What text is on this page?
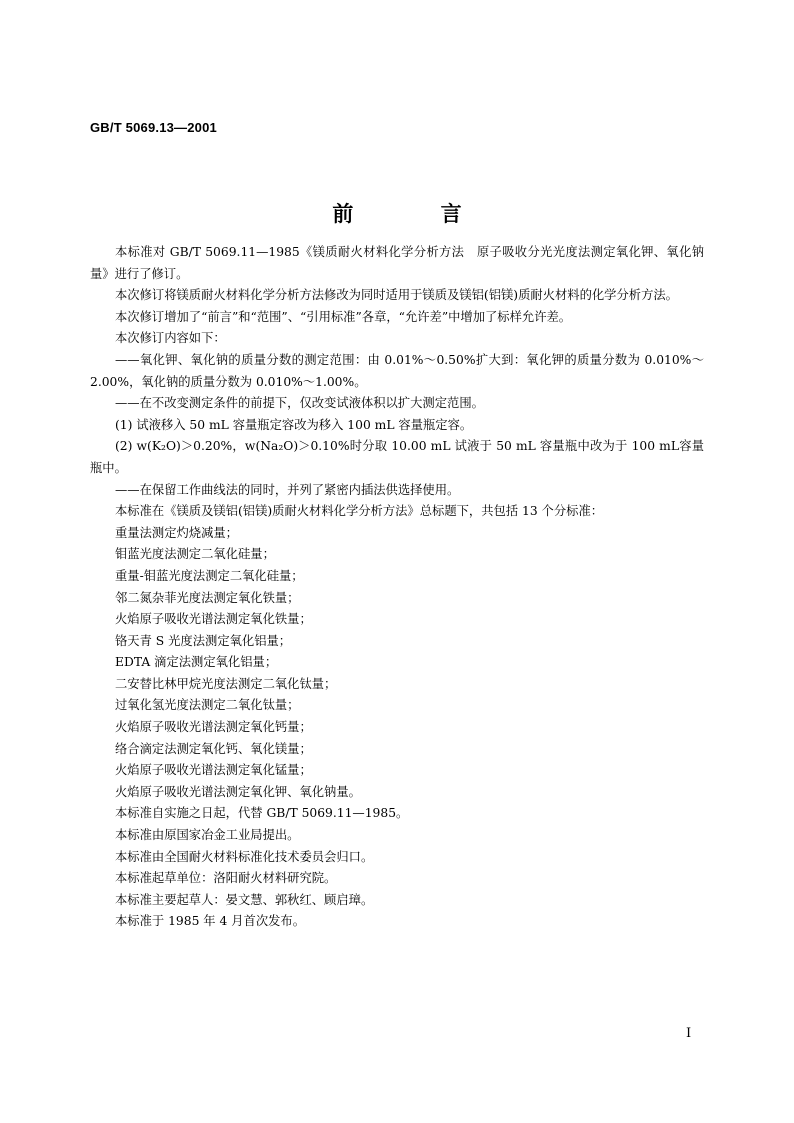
GB/T 5069.13—2001
前 言

本标准对 GB/T 5069.11—1985《镁质耐火材料化学分析方法　原子吸收分光光度法测定氧化钾、氧化钠量》进行了修订。

本次修订将镁质耐火材料化学分析方法修改为同时适用于镁质及镁铝(铝镁)质耐火材料的化学分析方法。

本次修订增加了“前言”和“范围”、“引用标准”各章，“允许差”中增加了标样允许差。

本次修订内容如下：

——氧化钾、氧化钠的质量分数的测定范围：由 0.01%～0.50%扩大到：氧化钾的质量分数为 0.010%～2.00%，氧化钠的质量分数为 0.010%～1.00%。

——在不改变测定条件的前提下，仅改变试液体积以扩大测定范围。

(1) 试液移入 50 mL 容量瓶定容改为移入 100 mL 容量瓶定容。

(2) w(K₂O)＞0.20%，w(Na₂O)＞0.10%时分取 10.00 mL 试液于 50 mL 容量瓶中改为于 100 mL容量瓶中。

——在保留工作曲线法的同时，并列了紧密内插法供选择使用。

本标准在《镁质及镁铝(铝镁)质耐火材料化学分析方法》总标题下，共包括 13 个分标准：

重量法测定灼烧减量；

钼蓝光度法测定二氧化硅量；

重量-钼蓝光度法测定二氧化硅量；

邻二氮杂菲光度法测定氧化铁量；

火焰原子吸收光谱法测定氧化铁量；

铬天青 S 光度法测定氧化铝量；

EDTA 滴定法测定氧化铝量；

二安替比林甲烷光度法测定二氧化钛量；

过氧化氢光度法测定二氧化钛量；

火焰原子吸收光谱法测定氧化钙量；

络合滴定法测定氧化钙、氧化镁量；

火焰原子吸收光谱法测定氧化锰量；

火焰原子吸收光谱法测定氧化钾、氧化钠量。

本标准自实施之日起，代替 GB/T 5069.11—1985。

本标准由原国家冶金工业局提出。

本标准由全国耐火材料标准化技术委员会归口。

本标准起草单位：洛阳耐火材料研究院。

本标准主要起草人：晏文慧、郭秋红、顾启璋。

本标准于 1985 年 4 月首次发布。

I
